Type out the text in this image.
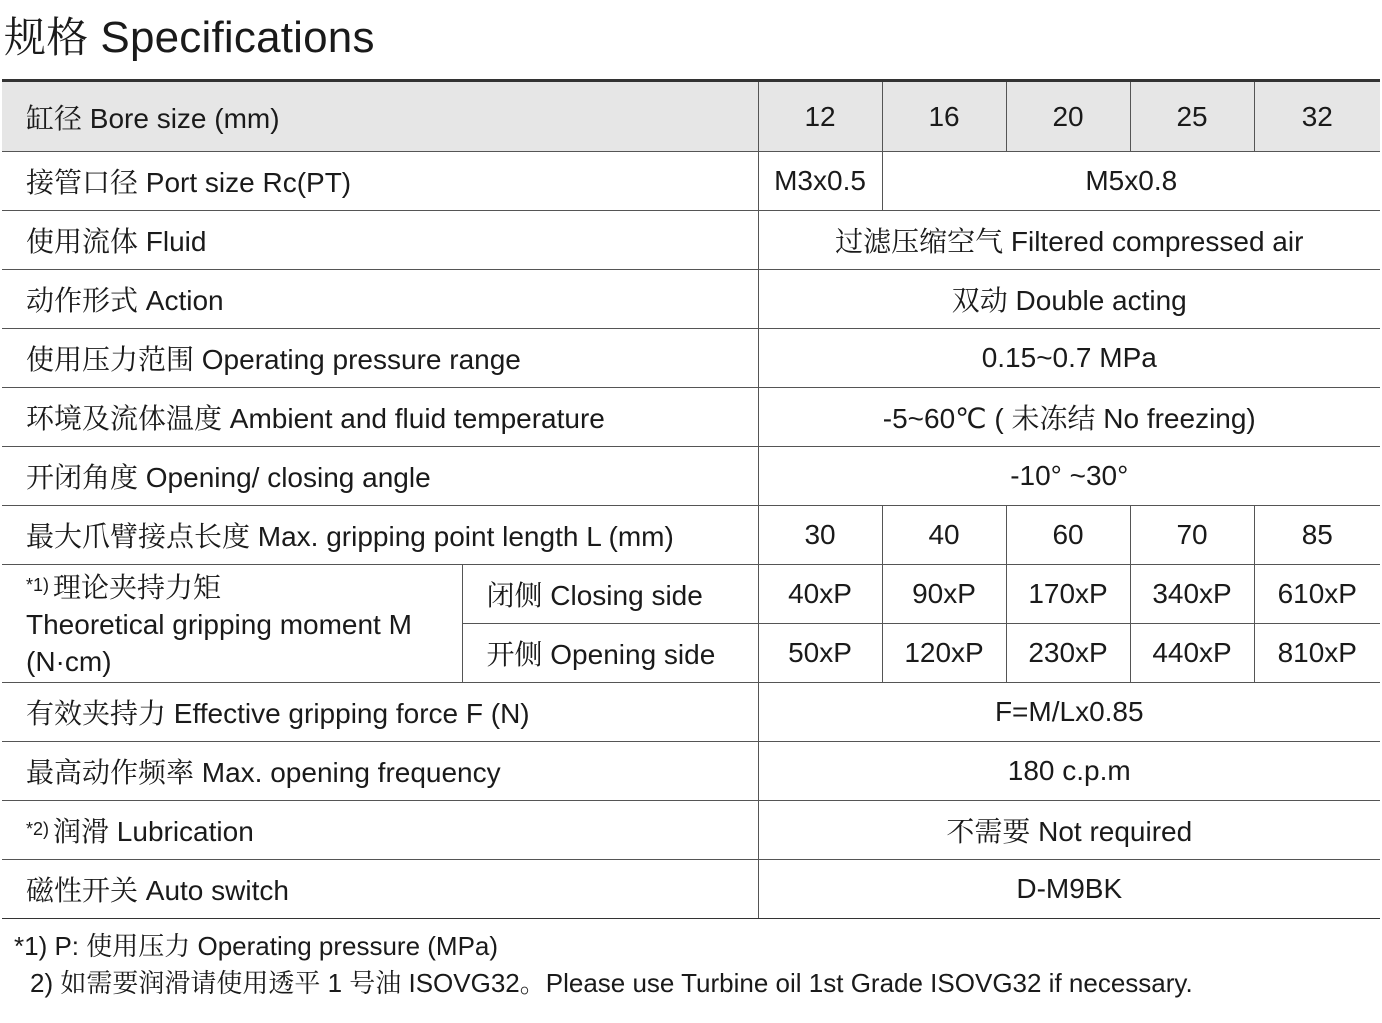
规格 Specifications
缸径 Bore size (mm)		12	16	20	25	32
接管口径 Port size Rc(PT)		M3x0.5	M5x0.8			
使用流体 Fluid		过滤压缩空气 Filtered compressed air				
动作形式 Action		双动 Double acting				
使用压力范围 Operating pressure range		0.15~0.7 MPa				
环境及流体温度 Ambient and fluid temperature		-5~60℃ ( 未冻结 No freezing)				
开闭角度 Opening/ closing angle		-10° ~30°				
最大爪臂接点长度 Max. gripping point length L (mm)		30	40	60	70	85

$^{*1)}$ 理论夹持力矩
Theoretical gripping moment M
(N·cm)	闭侧 Closing side	40xP	90xP	170xP	340xP	610xP
	开侧 Opening side	50xP	120xP	230xP	440xP	810xP
有效夹持力 Effective gripping force F (N)		F=M/Lx0.85				
最高动作频率 Max. opening frequency		180 c.p.m				
$^{*2)}$ 润滑 Lubrication		不需要 Not required				
磁性开关 Auto switch		D-M9BK				
*1) P: 使用压力 Operating pressure (MPa)
2) 如需要润滑请使用透平 1 号油 ISOVG32。Please use Turbine oil 1st Grade ISOVG32 if necessary.
